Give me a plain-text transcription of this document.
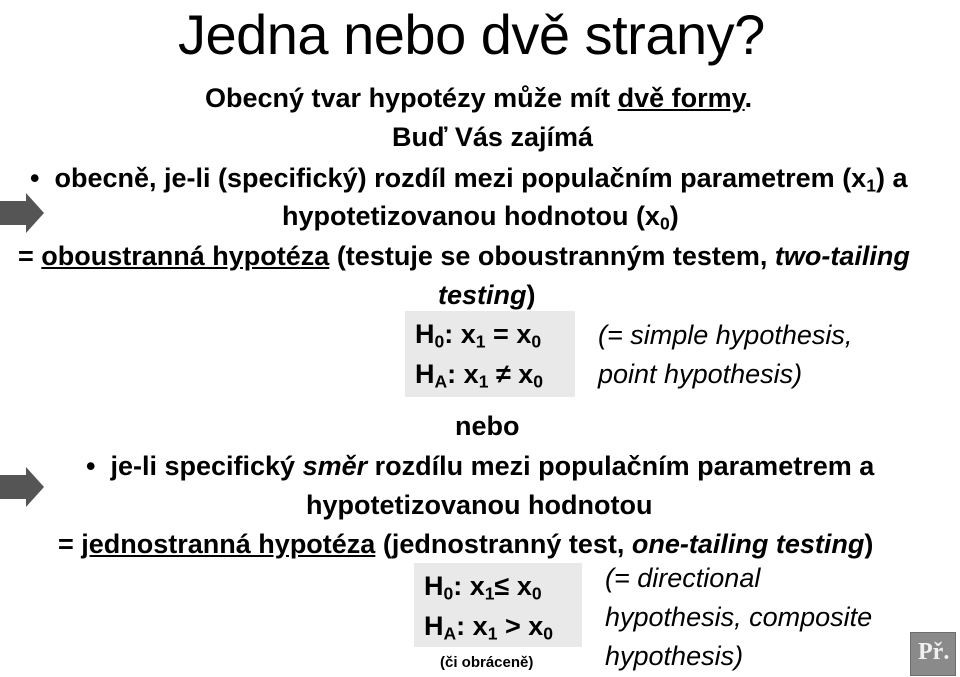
Jedna nebo dvě strany?
Obecný tvar hypotézy může mít dvě formy.
Buď Vás zajímá
• obecně, je-li (specifický) rozdíl mezi populačním parametrem $(x_1)$ a
hypotetizovanou hodnotou $(x_0)$
= oboustranná hypotéza (testuje se oboustranným testem, two-tailing
testing)
$H_0$: $x_1 = x_0$
$H_A$: $x_1 \ne x_0$
(= simple hypothesis,
point hypothesis)
nebo
• je-li specifický směr rozdílu mezi populačním parametrem a
hypotetizovanou hodnotou
= jednostranná hypotéza (jednostranný test, one-tailing testing)
$H_0$: $x_1\le x_0$
$H_A$: $x_1 > x_0$
(či obráceně)
(= directional
hypothesis, composite
hypothesis)	Př.
